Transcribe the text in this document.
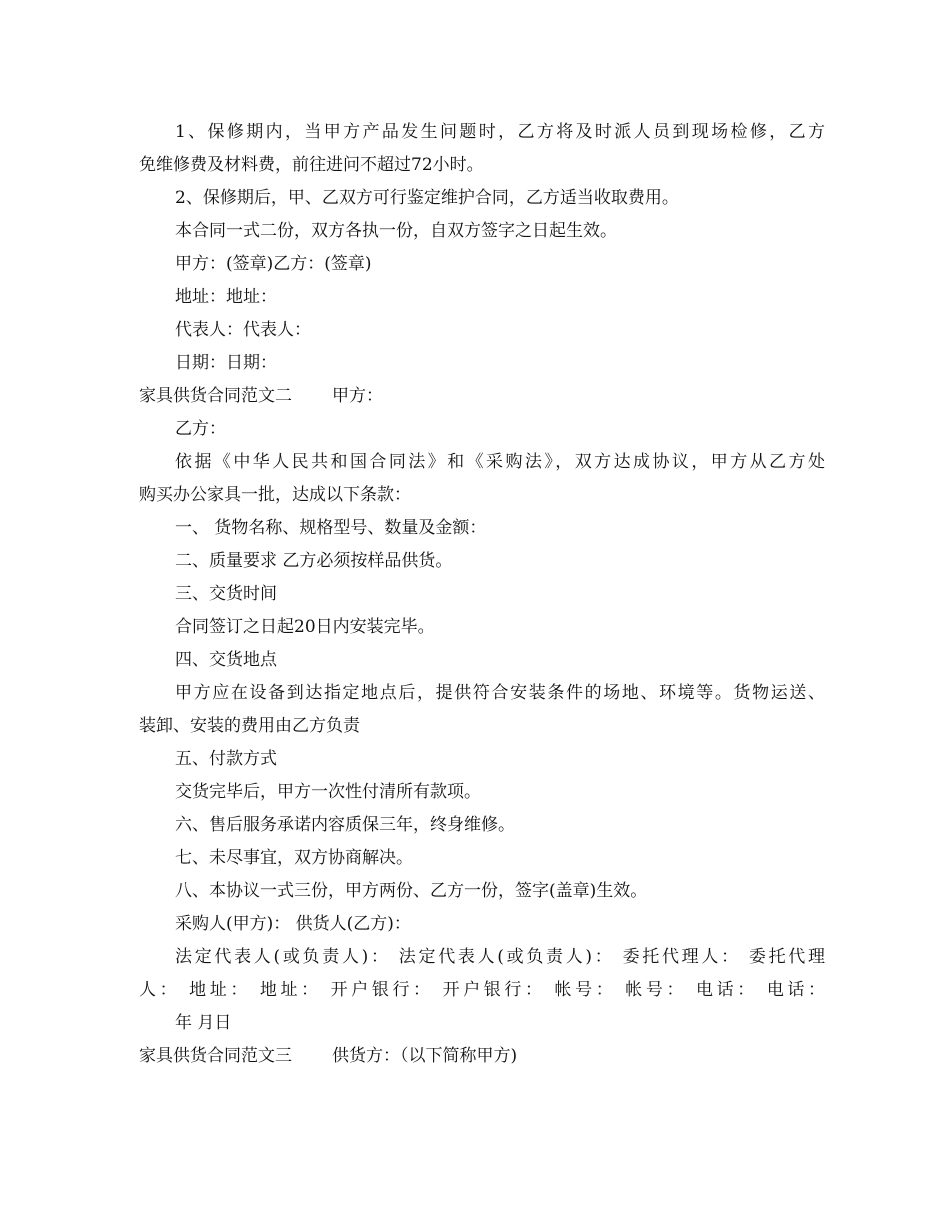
1、保修期内，当甲方产品发生问题时，乙方将及时派人员到现场检修，乙方
免维修费及材料费，前往进问不超过72小时。
2、保修期后，甲、乙双方可行鉴定维护合同，乙方适当收取费用。
本合同一式二份，双方各执一份，自双方签字之日起生效。
甲方：(签章)乙方：(签章)
地址：地址：
代表人：代表人：
日期：日期：
家具供货合同范文二 甲方：
乙方：
依据《中华人民共和国合同法》和《采购法》，双方达成协议，甲方从乙方处
购买办公家具一批，达成以下条款：
一、 货物名称、规格型号、数量及金额：
二、质量要求 乙方必须按样品供货。
三、交货时间
合同签订之日起20日内安装完毕。
四、交货地点
甲方应在设备到达指定地点后，提供符合安装条件的场地、环境等。货物运送、
装卸、安装的费用由乙方负责
五、付款方式
交货完毕后，甲方一次性付清所有款项。
六、售后服务承诺内容质保三年，终身维修。
七、未尽事宜，双方协商解决。
八、本协议一式三份，甲方两份、乙方一份，签字(盖章)生效。
采购人(甲方)： 供货人(乙方)：
法定代表人(或负责人)： 法定代表人(或负责人)： 委托代理人： 委托代理
人： 地址： 地址： 开户银行： 开户银行： 帐号： 帐号： 电话： 电话：
年 月日
家具供货合同范文三 供货方：（以下简称甲方)
